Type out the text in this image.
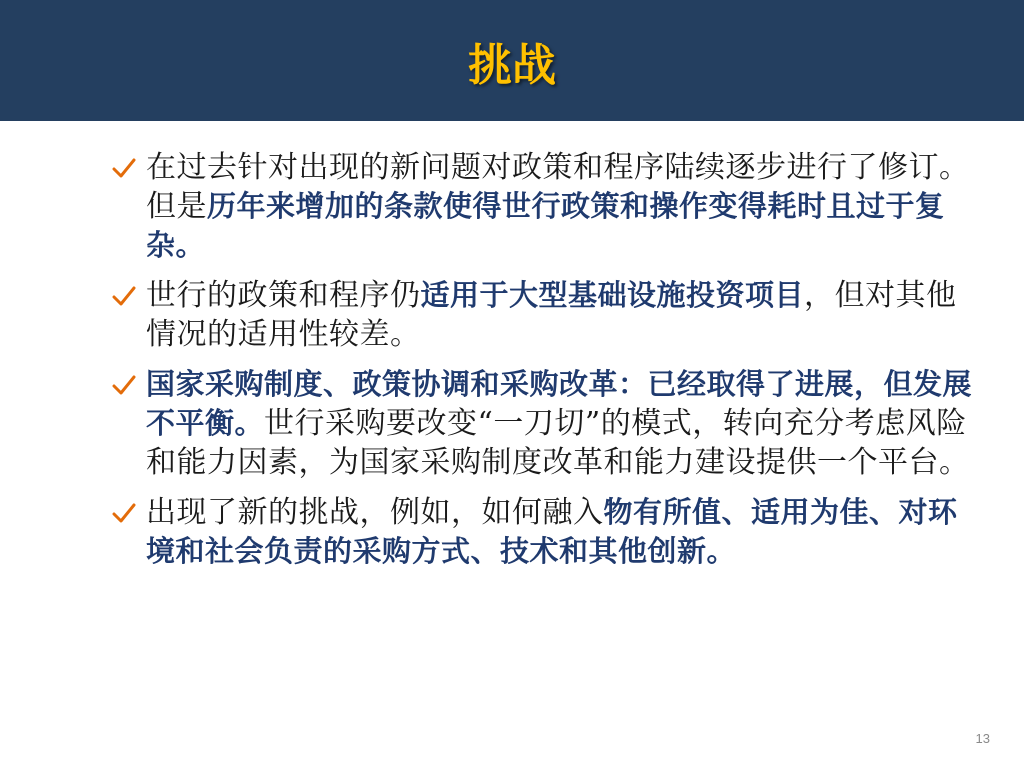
挑战
在过去针对出现的新问题对政策和程序陆续逐步进行了修订。但是历年来增加的条款使得世行政策和操作变得耗时且过于复杂。
世行的政策和程序仍适用于大型基础设施投资项目，但对其他情况的适用性较差。
国家采购制度、政策协调和采购改革：已经取得了进展，但发展不平衡。世行采购要改变“一刀切”的模式，转向充分考虑风险和能力因素，为国家采购制度改革和能力建设提供一个平台。
出现了新的挑战，例如，如何融入物有所值、适用为佳、对环境和社会负责的采购方式、技术和其他创新。
13
